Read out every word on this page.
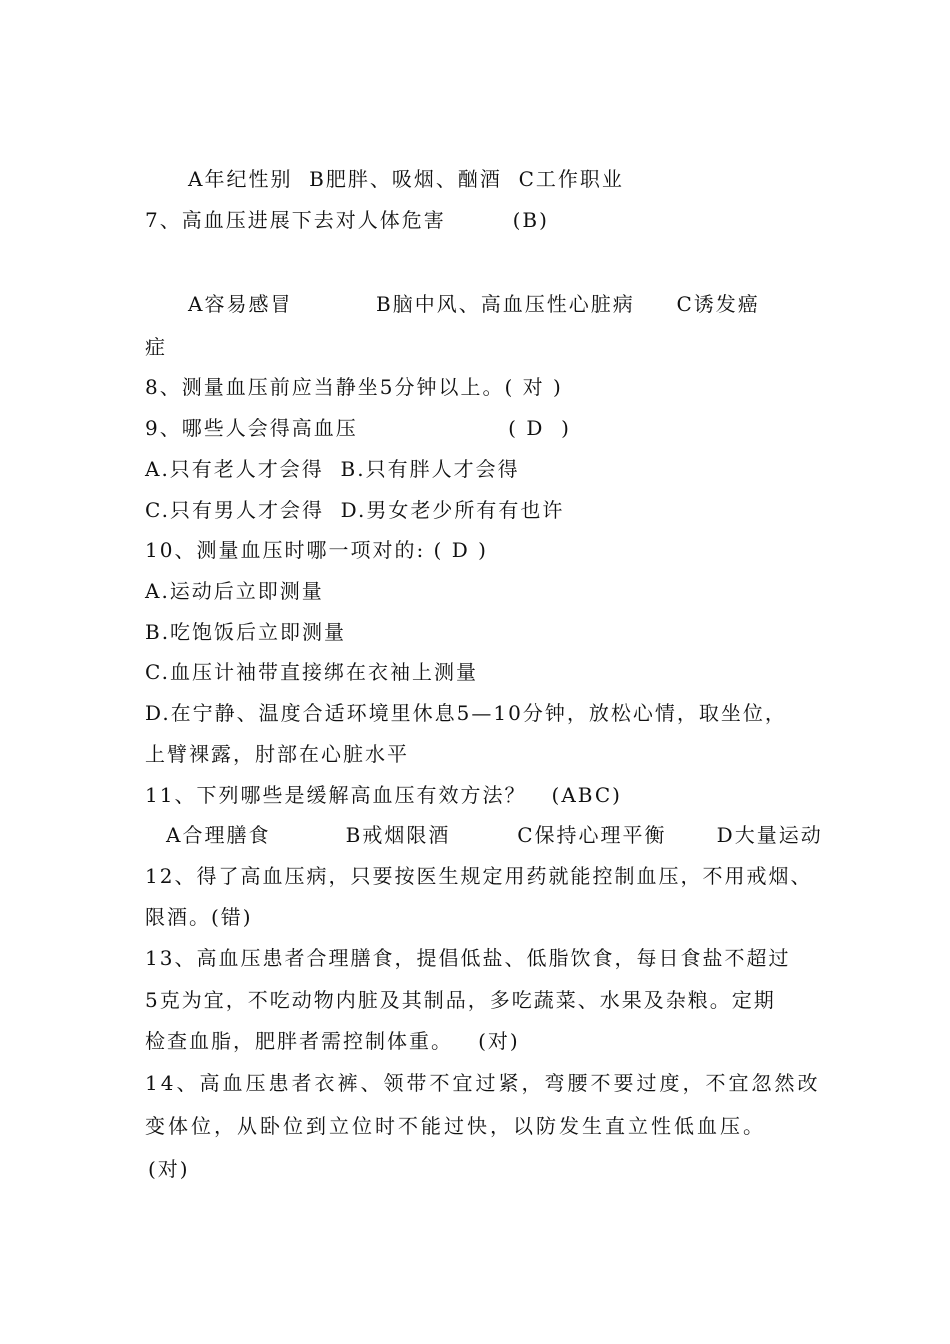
A年纪性别  B肥胖、吸烟、酗酒  C工作职业
7、高血压进展下去对人体危害        (B)
A容易感冒          B脑中风、高血压性心脏病     C诱发癌
症
8、测量血压前应当静坐5分钟以上。( 对 )
9、哪些人会得高血压                  ( D  )
A.只有老人才会得  B.只有胖人才会得
C.只有男人才会得  D.男女老少所有有也许
10、测量血压时哪一项对的: ( D )
A.运动后立即测量
B.吃饱饭后立即测量
C.血压计袖带直接绑在衣袖上测量
D.在宁静、温度合适环境里休息5—10分钟，放松心情，取坐位，
上臂裸露，肘部在心脏水平
11、下列哪些是缓解高血压有效方法？   (ABC)
A合理膳食         B戒烟限酒        C保持心理平衡      D大量运动
12、得了高血压病，只要按医生规定用药就能控制血压，不用戒烟、
限酒。(错)
13、高血压患者合理膳食，提倡低盐、低脂饮食，每日食盐不超过
5克为宜，不吃动物内脏及其制品，多吃蔬菜、水果及杂粮。定期
检查血脂，肥胖者需控制体重。   (对)
14、高血压患者衣裤、领带不宜过紧，弯腰不要过度，不宜忽然改
变体位，从卧位到立位时不能过快，以防发生直立性低血压。
(对)
